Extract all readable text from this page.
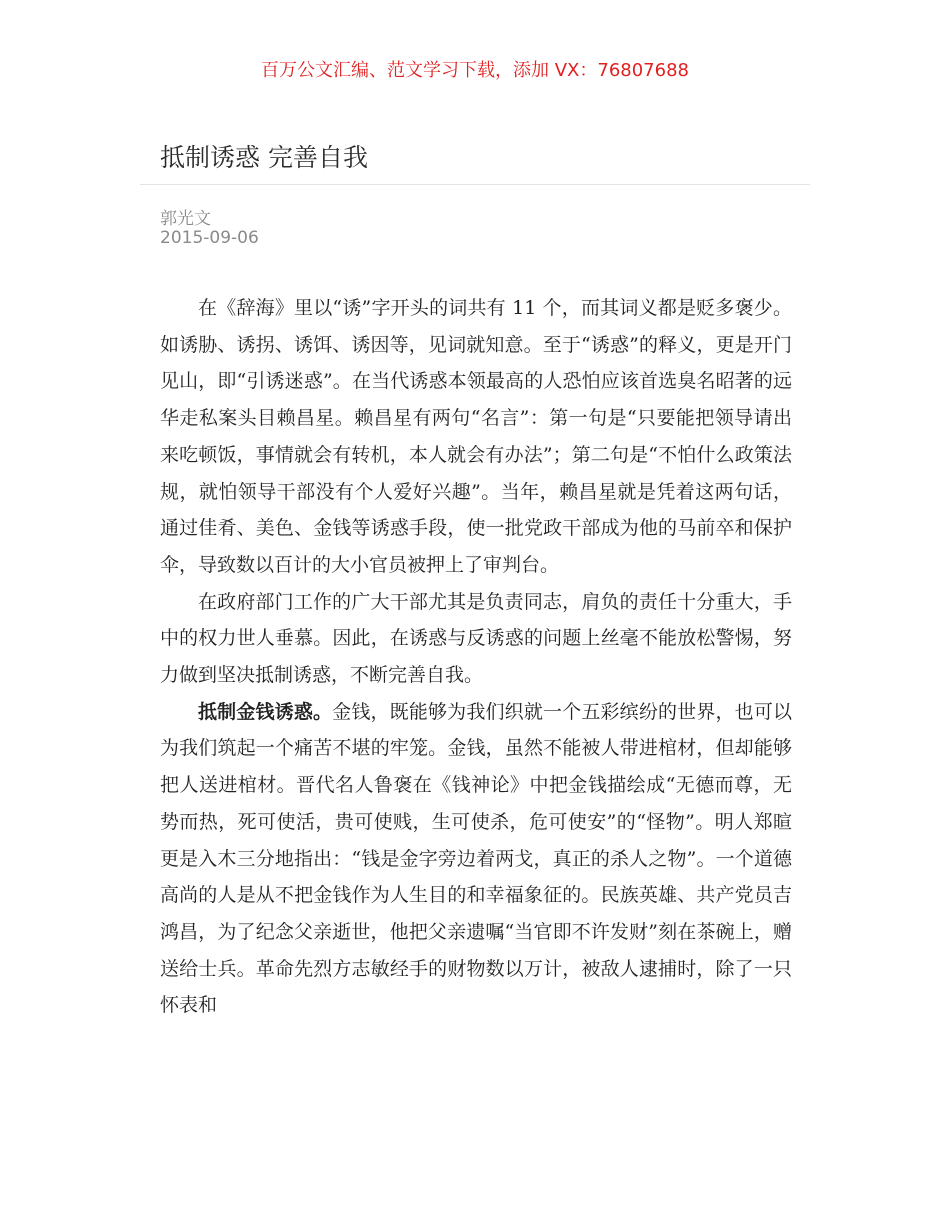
百万公文汇编、范文学习下载，添加 VX：76807688
抵制诱惑 完善自我
郭光文
2015-09-06

在《辞海》里以“诱”字开头的词共有 11 个，而其词义都是贬多褒少。如诱胁、诱拐、诱饵、诱因等，见词就知意。至于“诱惑”的释义，更是开门见山，即“引诱迷惑”。在当代诱惑本领最高的人恐怕应该首选臭名昭著的远华走私案头目赖昌星。赖昌星有两句“名言”：第一句是“只要能把领导请出来吃顿饭，事情就会有转机，本人就会有办法”；第二句是“不怕什么政策法规，就怕领导干部没有个人爱好兴趣”。当年，赖昌星就是凭着这两句话，通过佳肴、美色、金钱等诱惑手段，使一批党政干部成为他的马前卒和保护伞，导致数以百计的大小官员被押上了审判台。

在政府部门工作的广大干部尤其是负责同志，肩负的责任十分重大，手中的权力世人垂慕。因此，在诱惑与反诱惑的问题上丝毫不能放松警惕，努力做到坚决抵制诱惑，不断完善自我。

抵制金钱诱惑。金钱，既能够为我们织就一个五彩缤纷的世界，也可以为我们筑起一个痛苦不堪的牢笼。金钱，虽然不能被人带进棺材，但却能够把人送进棺材。晋代名人鲁褒在《钱神论》中把金钱描绘成“无德而尊，无势而热，死可使活，贵可使贱，生可使杀，危可使安”的“怪物”。明人郑暄更是入木三分地指出：“钱是金字旁边着两戈，真正的杀人之物”。一个道德高尚的人是从不把金钱作为人生目的和幸福象征的。民族英雄、共产党员吉鸿昌，为了纪念父亲逝世，他把父亲遗嘱“当官即不许发财”刻在茶碗上，赠送给士兵。革命先烈方志敏经手的财物数以万计，被敌人逮捕时，除了一只怀表和
